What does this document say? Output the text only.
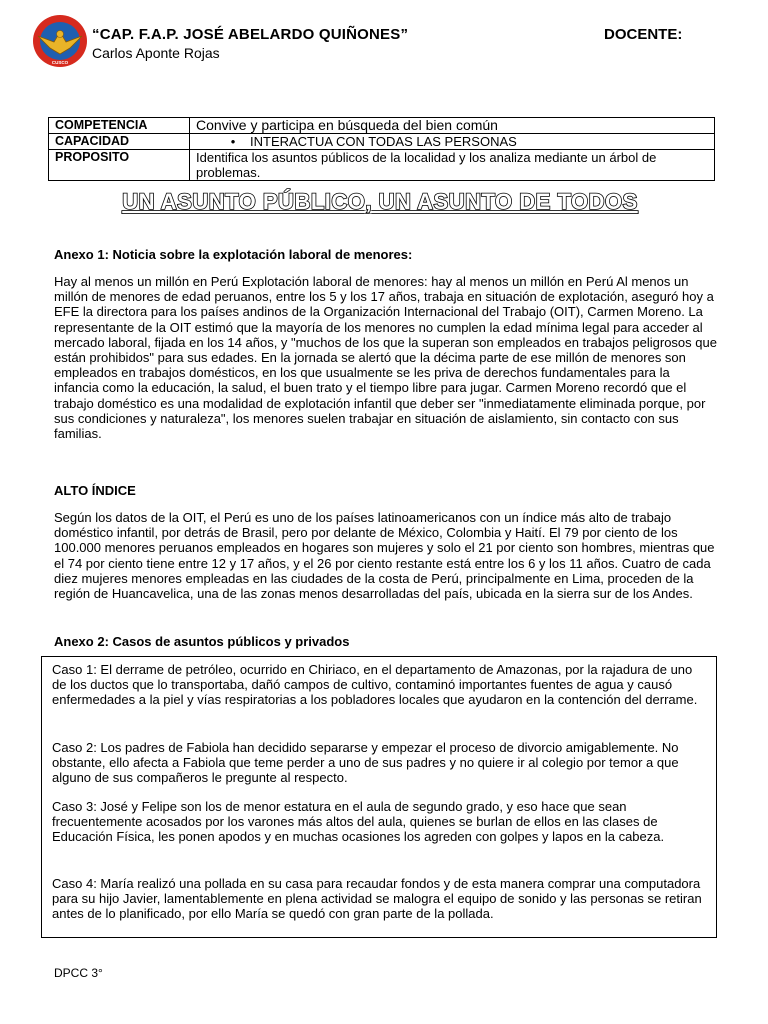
CUSCO
“CAP. F.A.P. JOSÉ ABELARDO QUIÑONES”
Carlos Aponte Rojas
DOCENTE:
COMPETENCIA	Convive y participa en búsqueda del bien común
CAPACIDAD	• INTERACTUA CON TODAS LAS PERSONAS
PROPOSITO	Identifica los asuntos públicos de la localidad y los analiza mediante un árbol de problemas.
UN ASUNTO PÚBLICO, UN ASUNTO DE TODOS
Anexo 1: Noticia sobre la explotación laboral de menores:
Hay al menos un millón en Perú Explotación laboral de menores: hay al menos un millón en Perú Al menos un millón de menores de edad peruanos, entre los 5 y los 17 años, trabaja en situación de explotación, aseguró hoy a EFE la directora para los países andinos de la Organización Internacional del Trabajo (OIT), Carmen Moreno. La representante de la OIT estimó que la mayoría de los menores no cumplen la edad mínima legal para acceder al mercado laboral, fijada en los 14 años, y "muchos de los que la superan son empleados en trabajos peligrosos que están prohibidos" para sus edades. En la jornada se alertó que la décima parte de ese millón de menores son empleados en trabajos domésticos, en los que usualmente se les priva de derechos fundamentales para la infancia como la educación, la salud, el buen trato y el tiempo libre para jugar. Carmen Moreno recordó que el trabajo doméstico es una modalidad de explotación infantil que deber ser "inmediatamente eliminada porque, por sus condiciones y naturaleza", los menores suelen trabajar en situación de aislamiento, sin contacto con sus familias.
ALTO ÍNDICE
Según los datos de la OIT, el Perú es uno de los países latinoamericanos con un índice más alto de trabajo doméstico infantil, por detrás de Brasil, pero por delante de México, Colombia y Haití. El 79 por ciento de los 100.000 menores peruanos empleados en hogares son mujeres y solo el 21 por ciento son hombres, mientras que el 74 por ciento tiene entre 12 y 17 años, y el 26 por ciento restante está entre los 6 y los 11 años. Cuatro de cada diez mujeres menores empleadas en las ciudades de la costa de Perú, principalmente en Lima, proceden de la región de Huancavelica, una de las zonas menos desarrolladas del país, ubicada en la sierra sur de los Andes.
Anexo 2: Casos de asuntos públicos y privados
Caso 1: El derrame de petróleo, ocurrido en Chiriaco, en el departamento de Amazonas, por la rajadura de uno de los ductos que lo transportaba, dañó campos de cultivo, contaminó importantes fuentes de agua y causó enfermedades a la piel y vías respiratorias a los pobladores locales que ayudaron en la contención del derrame.
Caso 2: Los padres de Fabiola han decidido separarse y empezar el proceso de divorcio amigablemente. No obstante, ello afecta a Fabiola que teme perder a uno de sus padres y no quiere ir al colegio por temor a que alguno de sus compañeros le pregunte al respecto.
Caso 3: José y Felipe son los de menor estatura en el aula de segundo grado, y eso hace que sean frecuentemente acosados por los varones más altos del aula, quienes se burlan de ellos en las clases de Educación Física, les ponen apodos y en muchas ocasiones los agreden con golpes y lapos en la cabeza.
Caso 4: María realizó una pollada en su casa para recaudar fondos y de esta manera comprar una computadora para su hijo Javier, lamentablemente en plena actividad se malogra el equipo de sonido y las personas se retiran antes de lo planificado, por ello María se quedó con gran parte de la pollada.
DPCC 3°
